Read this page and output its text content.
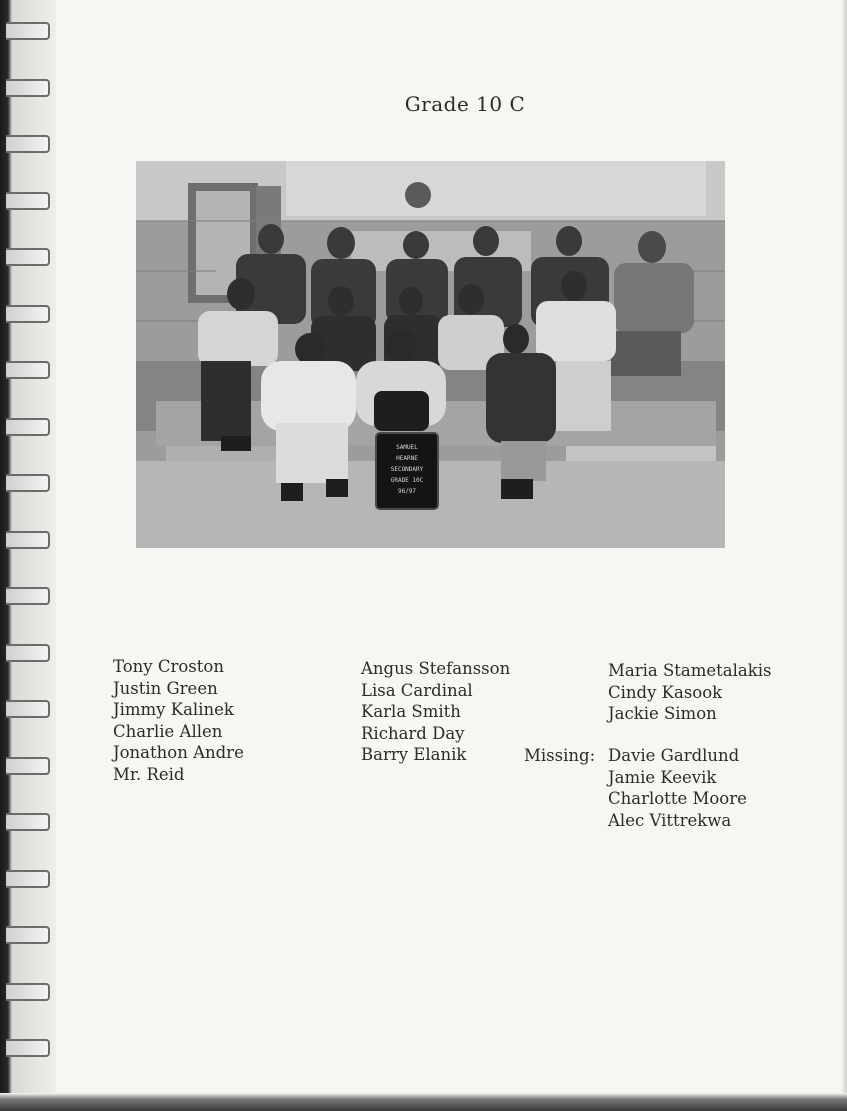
Grade 10 C
SAMUEL
HEARNE
SECONDARY
GRADE 10C
96/97
Tony Croston
Justin Green
Jimmy Kalinek
Charlie Allen
Jonathon Andre
Mr. Reid
Angus Stefansson
Lisa Cardinal
Karla Smith
Richard Day
Barry Elanik
Maria Stametalakis
Cindy Kasook
Jackie Simon
Missing: Davie Gardlund
Jamie Keevik
Charlotte Moore
Alec Vittrekwa
